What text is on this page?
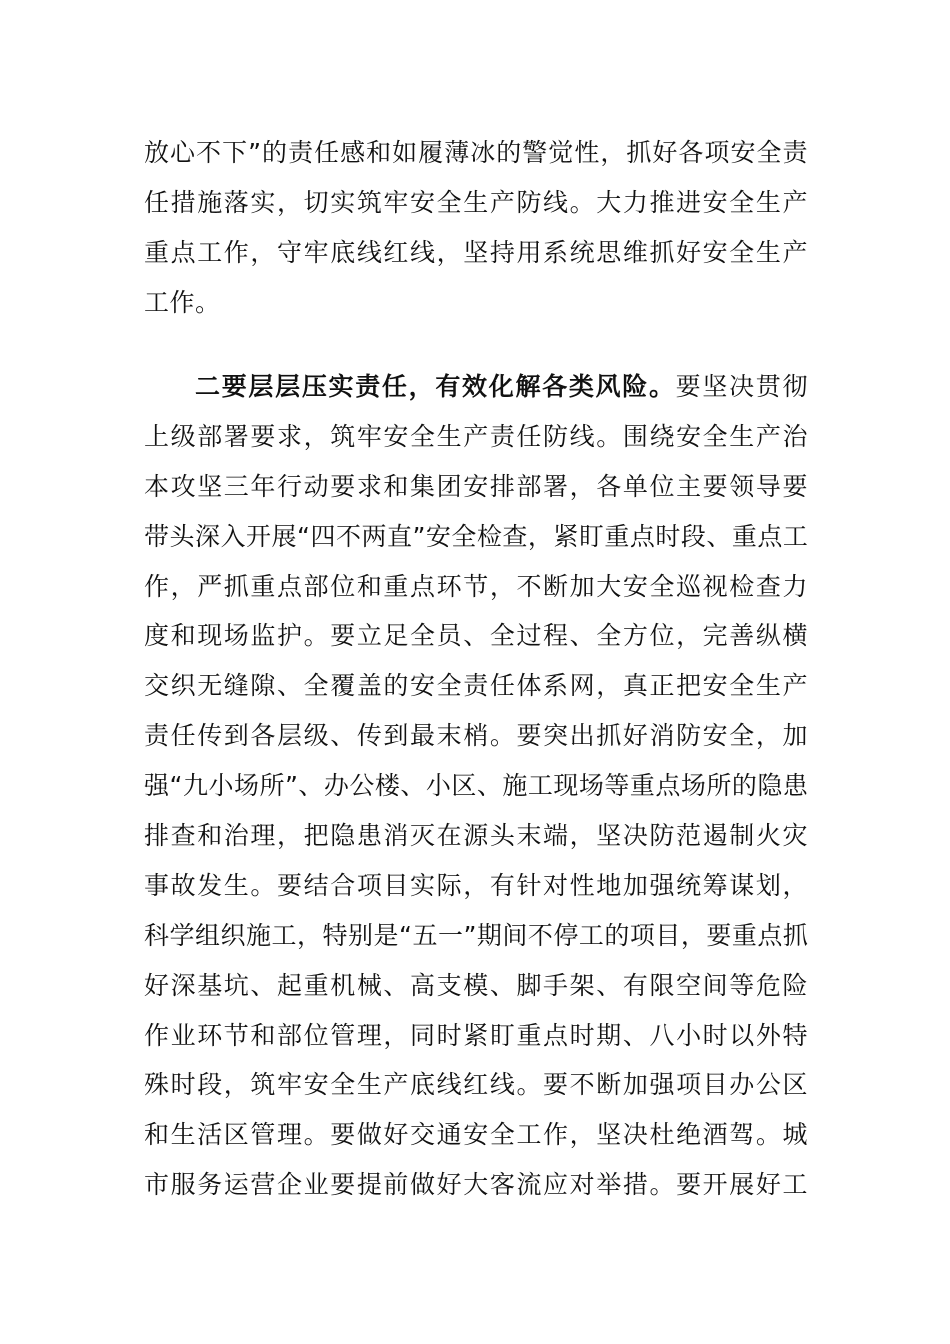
放心不下”的责任感和如履薄冰的警觉性，抓好各项安全责
任措施落实，切实筑牢安全生产防线。大力推进安全生产
重点工作，守牢底线红线，坚持用系统思维抓好安全生产
工作。
二要层层压实责任，有效化解各类风险。要坚决贯彻
上级部署要求，筑牢安全生产责任防线。围绕安全生产治
本攻坚三年行动要求和集团安排部署，各单位主要领导要
带头深入开展“四不两直”安全检查，紧盯重点时段、重点工
作，严抓重点部位和重点环节，不断加大安全巡视检查力
度和现场监护。要立足全员、全过程、全方位，完善纵横
交织无缝隙、全覆盖的安全责任体系网，真正把安全生产
责任传到各层级、传到最末梢。要突出抓好消防安全，加
强“九小场所”、办公楼、小区、施工现场等重点场所的隐患
排查和治理，把隐患消灭在源头末端，坚决防范遏制火灾
事故发生。要结合项目实际，有针对性地加强统筹谋划，
科学组织施工，特别是“五一”期间不停工的项目，要重点抓
好深基坑、起重机械、高支模、脚手架、有限空间等危险
作业环节和部位管理，同时紧盯重点时期、八小时以外特
殊时段，筑牢安全生产底线红线。要不断加强项目办公区
和生活区管理。要做好交通安全工作，坚决杜绝酒驾。城
市服务运营企业要提前做好大客流应对举措。要开展好工
